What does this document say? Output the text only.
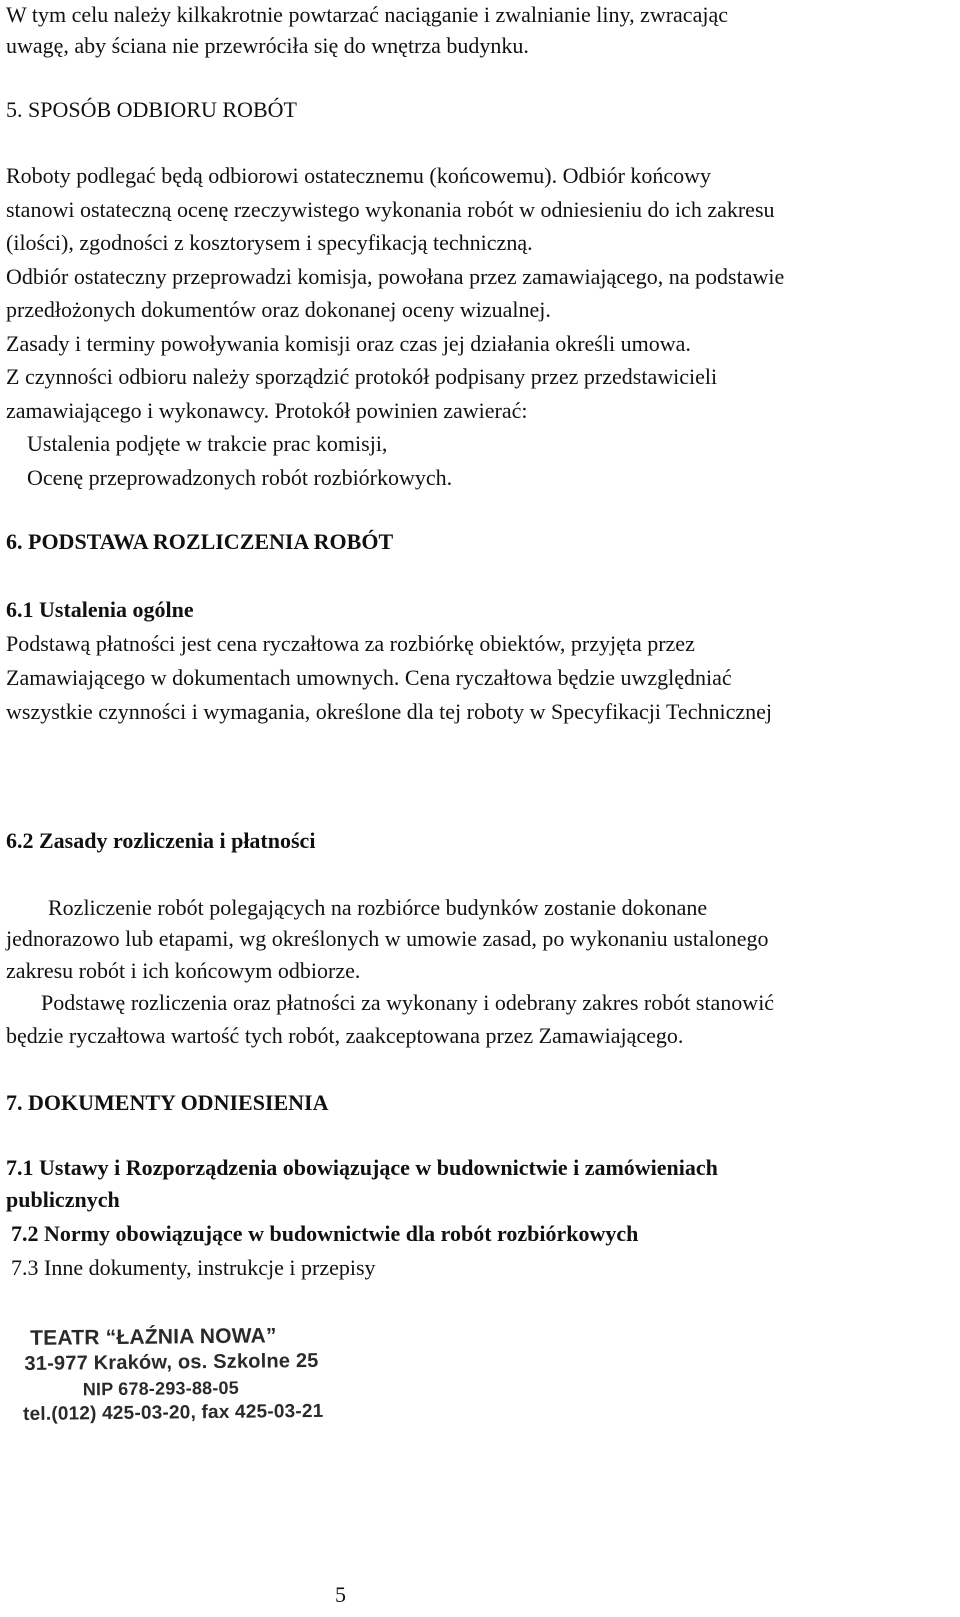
W tym celu należy kilkakrotnie powtarzać naciąganie i zwalnianie liny, zwracając
uwagę, aby ściana nie przewróciła się do wnętrza budynku.
5. SPOSÓB ODBIORU ROBÓT
Roboty podlegać będą odbiorowi ostatecznemu (końcowemu). Odbiór końcowy
stanowi ostateczną ocenę rzeczywistego wykonania robót w odniesieniu do ich zakresu
(ilości), zgodności z kosztorysem i specyfikacją techniczną.
Odbiór ostateczny przeprowadzi komisja, powołana przez zamawiającego, na podstawie
przedłożonych dokumentów oraz dokonanej oceny wizualnej.
Zasady i terminy powoływania komisji oraz czas jej działania określi umowa.
Z czynności odbioru należy sporządzić protokół podpisany przez przedstawicieli
zamawiającego i wykonawcy. Protokół powinien zawierać:
Ustalenia podjęte w trakcie prac komisji,
Ocenę przeprowadzonych robót rozbiórkowych.
6. PODSTAWA ROZLICZENIA ROBÓT
6.1 Ustalenia ogólne
Podstawą płatności jest cena ryczałtowa za rozbiórkę obiektów, przyjęta przez
Zamawiającego w dokumentach umownych. Cena ryczałtowa będzie uwzględniać
wszystkie czynności i wymagania, określone dla tej roboty w Specyfikacji Technicznej
6.2 Zasady rozliczenia i płatności
Rozliczenie robót polegających na rozbiórce budynków zostanie dokonane
jednorazowo lub etapami, wg określonych w umowie zasad, po wykonaniu ustalonego
zakresu robót i ich końcowym odbiorze.
Podstawę rozliczenia oraz płatności za wykonany i odebrany zakres robót stanowić
będzie ryczałtowa wartość tych robót, zaakceptowana przez Zamawiającego.
7. DOKUMENTY ODNIESIENIA
7.1 Ustawy i Rozporządzenia obowiązujące w budownictwie i zamówieniach
publicznych
7.2 Normy obowiązujące w budownictwie dla robót rozbiórkowych
7.3 Inne dokumenty, instrukcje i przepisy
TEATR “ŁAŹNIA NOWA”
31-977 Kraków, os. Szkolne 25
NIP 678-293-88-05
tel.(012) 425-03-20, fax 425-03-21
5
